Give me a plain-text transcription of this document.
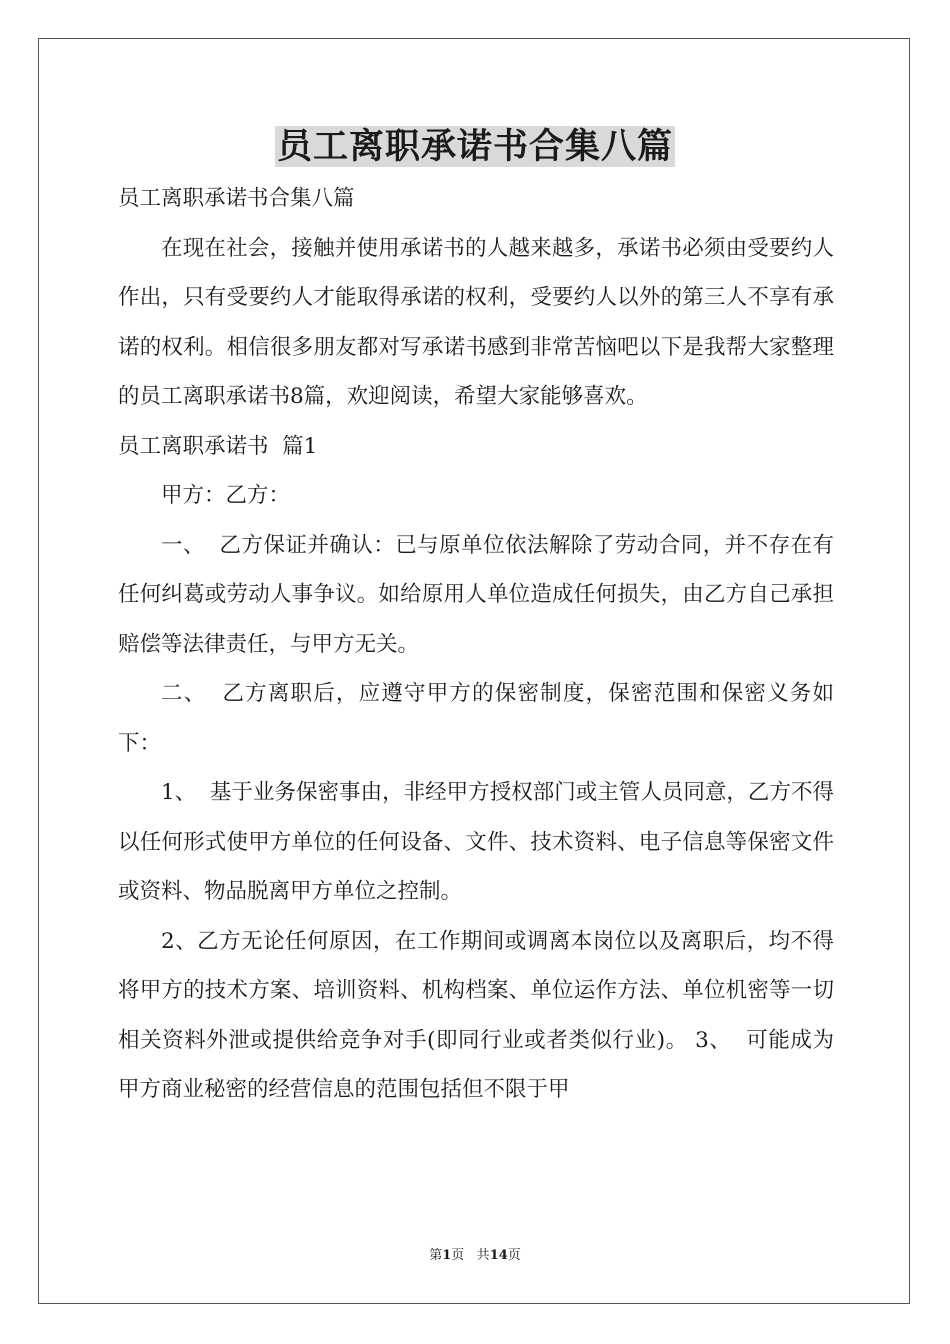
员工离职承诺书合集八篇

员工离职承诺书合集八篇

在现在社会，接触并使用承诺书的人越来越多，承诺书必须由受要约人作出，只有受要约人才能取得承诺的权利，受要约人以外的第三人不享有承诺的权利。相信很多朋友都对写承诺书感到非常苦恼吧以下是我帮大家整理的员工离职承诺书8篇，欢迎阅读，希望大家能够喜欢。

员工离职承诺书  篇1

甲方：乙方：

一、  乙方保证并确认：已与原单位依法解除了劳动合同，并不存在有任何纠葛或劳动人事争议。如给原用人单位造成任何损失，由乙方自己承担赔偿等法律责任，与甲方无关。

二、  乙方离职后，应遵守甲方的保密制度，保密范围和保密义务如下：

1、  基于业务保密事由，非经甲方授权部门或主管人员同意，乙方不得以任何形式使甲方单位的任何设备、文件、技术资料、电子信息等保密文件或资料、物品脱离甲方单位之控制。

2、乙方无论任何原因，在工作期间或调离本岗位以及离职后，均不得将甲方的技术方案、培训资料、机构档案、单位运作方法、单位机密等一切相关资料外泄或提供给竞争对手(即同行业或者类似行业)。 3、  可能成为甲方商业秘密的经营信息的范围包括但不限于甲

第1页 共14页
